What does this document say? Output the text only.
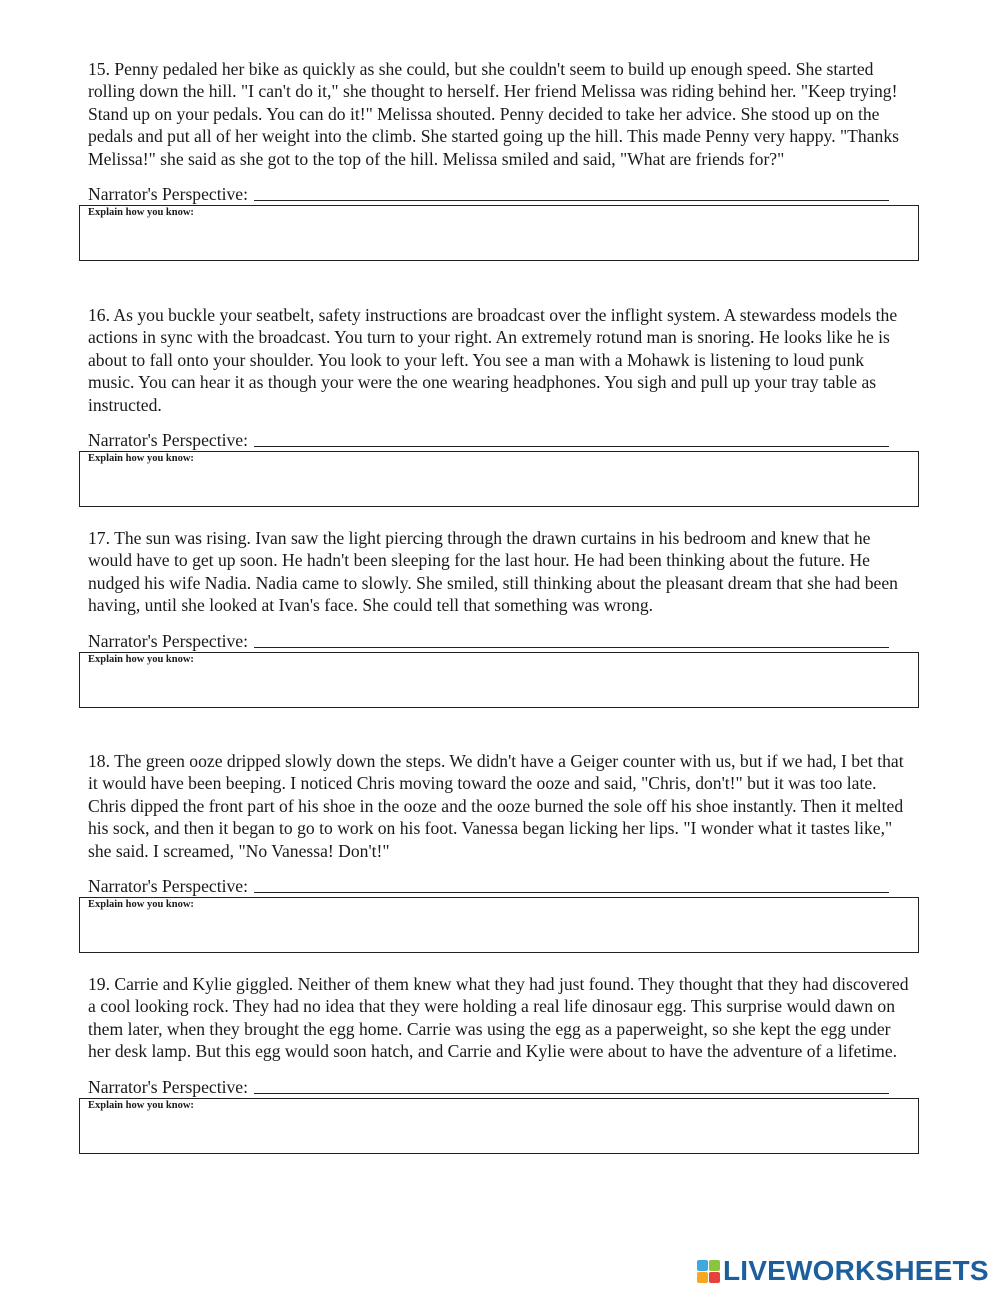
15. Penny pedaled her bike as quickly as she could, but she couldn't seem to build up enough speed. She started rolling down the hill. "I can't do it," she thought to herself. Her friend Melissa was riding behind her. "Keep trying! Stand up on your pedals. You can do it!" Melissa shouted. Penny decided to take her advice. She stood up on the pedals and put all of her weight into the climb. She started going up the hill. This made Penny very happy. "Thanks Melissa!" she said as she got to the top of the hill. Melissa smiled and said, "What are friends for?"

Narrator's Perspective:
Explain how you know:

16. As you buckle your seatbelt, safety instructions are broadcast over the inflight system. A stewardess models the actions in sync with the broadcast. You turn to your right. An extremely rotund man is snoring. He looks like he is about to fall onto your shoulder. You look to your left. You see a man with a Mohawk is listening to loud punk music. You can hear it as though your were the one wearing headphones. You sigh and pull up your tray table as instructed.

Narrator's Perspective:
Explain how you know:

17. The sun was rising. Ivan saw the light piercing through the drawn curtains in his bedroom and knew that he would have to get up soon. He hadn't been sleeping for the last hour. He had been thinking about the future. He nudged his wife Nadia. Nadia came to slowly. She smiled, still thinking about the pleasant dream that she had been having, until she looked at Ivan's face. She could tell that something was wrong.

Narrator's Perspective:
Explain how you know:

18. The green ooze dripped slowly down the steps. We didn't have a Geiger counter with us, but if we had, I bet that it would have been beeping. I noticed Chris moving toward the ooze and said, "Chris, don't!" but it was too late. Chris dipped the front part of his shoe in the ooze and the ooze burned the sole off his shoe instantly. Then it melted his sock, and then it began to go to work on his foot. Vanessa began licking her lips. "I wonder what it tastes like," she said. I screamed, "No Vanessa! Don't!"

Narrator's Perspective:
Explain how you know:

19. Carrie and Kylie giggled. Neither of them knew what they had just found. They thought that they had discovered a cool looking rock. They had no idea that they were holding a real life dinosaur egg. This surprise would dawn on them later, when they brought the egg home. Carrie was using the egg as a paperweight, so she kept the egg under her desk lamp. But this egg would soon hatch, and Carrie and Kylie were about to have the adventure of a lifetime.

Narrator's Perspective:
Explain how you know:
LIVEWORKSHEETS
